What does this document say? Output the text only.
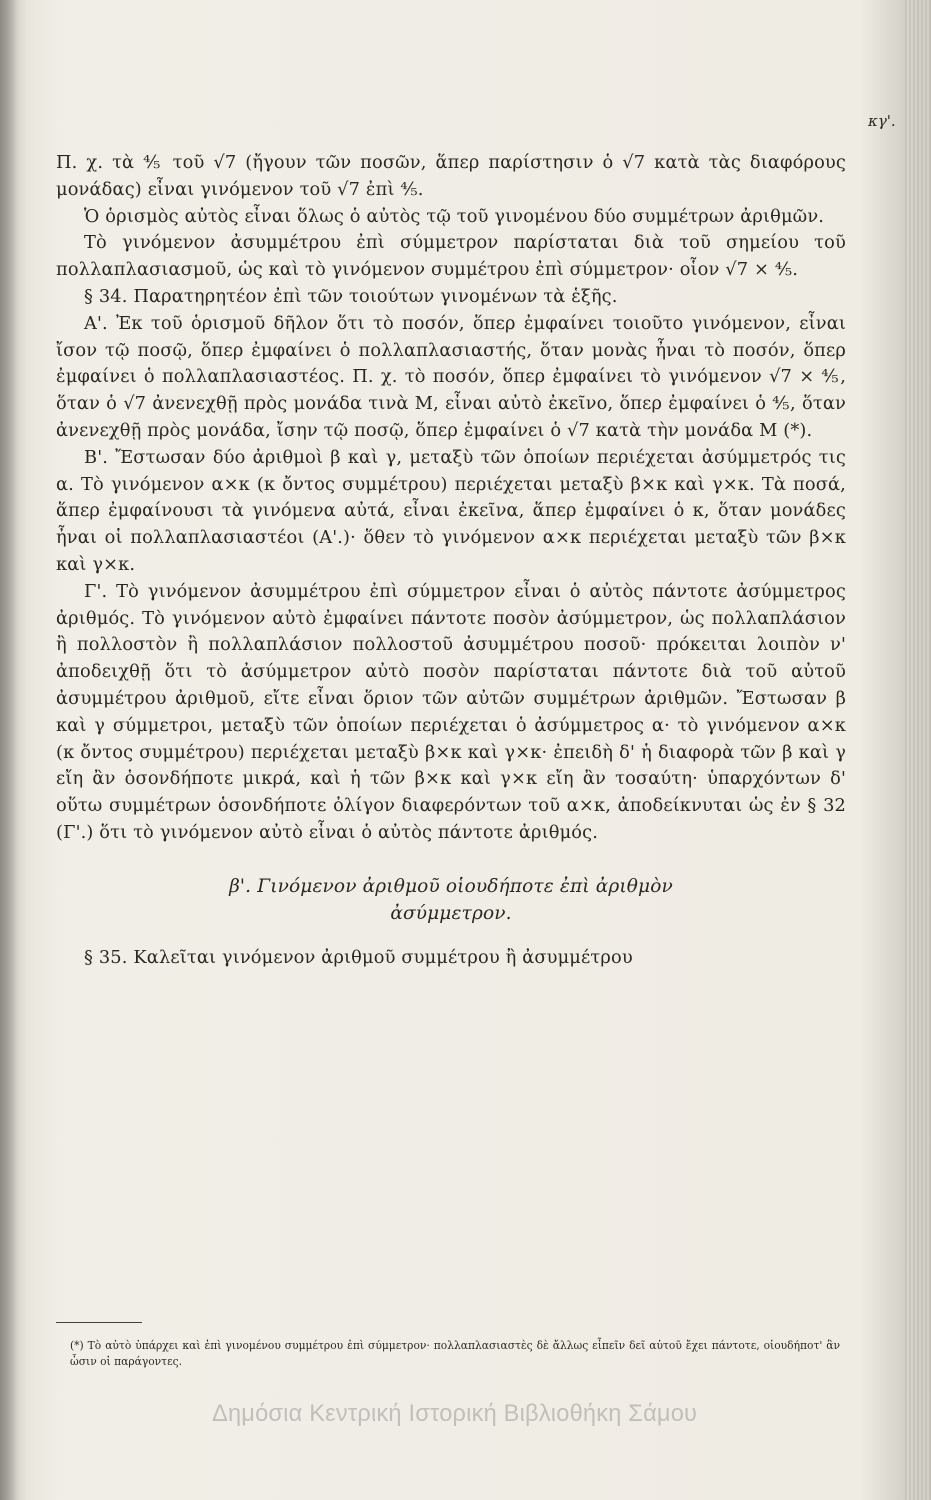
κγ'.

Π. χ. τὰ ⅘ τοῦ √7 (ἤγουν τῶν ποσῶν, ἅπερ παρίστησιν ὁ √7 κατὰ τὰς διαφόρους μονάδας) εἶναι γινόμενον τοῦ √7 ἐπὶ ⅘.

Ὁ ὁρισμὸς αὐτὸς εἶναι ὅλως ὁ αὐτὸς τῷ τοῦ γινομένου δύο συμμέτρων ἀριθμῶν.

Τὸ γινόμενον ἀσυμμέτρου ἐπὶ σύμμετρον παρίσταται διὰ τοῦ σημείου τοῦ πολλαπλασιασμοῦ, ὡς καὶ τὸ γινόμενον συμμέτρου ἐπὶ σύμμετρον· οἷον √7 × ⅘.

§ 34. Παρατηρητέον ἐπὶ τῶν τοιούτων γινομένων τὰ ἑξῆς.

Α'. Ἐκ τοῦ ὁρισμοῦ δῆλον ὅτι τὸ ποσόν, ὅπερ ἐμφαίνει τοιοῦτο γινόμενον, εἶναι ἴσον τῷ ποσῷ, ὅπερ ἐμφαίνει ὁ πολλαπλασιαστής, ὅταν μονὰς ἦναι τὸ ποσόν, ὅπερ ἐμφαίνει ὁ πολλαπλασιαστέος. Π. χ. τὸ ποσόν, ὅπερ ἐμφαίνει τὸ γινόμενον √7 × ⅘, ὅταν ὁ √7 ἀνενεχθῇ πρὸς μονάδα τινὰ Μ, εἶναι αὐτὸ ἐκεῖνο, ὅπερ ἐμφαίνει ὁ ⅘, ὅταν ἀνενεχθῇ πρὸς μονάδα, ἴσην τῷ ποσῷ, ὅπερ ἐμφαίνει ὁ √7 κατὰ τὴν μονάδα Μ (*).

Β'. Ἔστωσαν δύο ἀριθμοὶ β καὶ γ, μεταξὺ τῶν ὁποίων περιέχεται ἀσύμμετρός τις α. Τὸ γινόμενον α×κ (κ ὄντος συμμέτρου) περιέχεται μεταξὺ β×κ καὶ γ×κ. Τὰ ποσά, ἅπερ ἐμφαίνουσι τὰ γινόμενα αὐτά, εἶναι ἐκεῖνα, ἅπερ ἐμφαίνει ὁ κ, ὅταν μονάδες ἦναι οἱ πολλαπλασιαστέοι (Α'.)· ὅθεν τὸ γινόμενον α×κ περιέχεται μεταξὺ τῶν β×κ καὶ γ×κ.

Γ'. Τὸ γινόμενον ἀσυμμέτρου ἐπὶ σύμμετρον εἶναι ὁ αὐτὸς πάντοτε ἀσύμμετρος ἀριθμός. Τὸ γινόμενον αὐτὸ ἐμφαίνει πάντοτε ποσὸν ἀσύμμετρον, ὡς πολλαπλάσιον ἢ πολλοστὸν ἢ πολλαπλάσιον πολλοστοῦ ἀσυμμέτρου ποσοῦ· πρόκειται λοιπὸν ν' ἀποδειχθῇ ὅτι τὸ ἀσύμμετρον αὐτὸ ποσὸν παρίσταται πάντοτε διὰ τοῦ αὐτοῦ ἀσυμμέτρου ἀριθμοῦ, εἴτε εἶναι ὅριον τῶν αὐτῶν συμμέτρων ἀριθμῶν. Ἔστωσαν β καὶ γ σύμμετροι, μεταξὺ τῶν ὁποίων περιέχεται ὁ ἀσύμμετρος α· τὸ γινόμενον α×κ (κ ὄντος συμμέτρου) περιέχεται μεταξὺ β×κ καὶ γ×κ· ἐπειδὴ δ' ἡ διαφορὰ τῶν β καὶ γ εἴη ἂν ὁσονδήποτε μικρά, καὶ ἡ τῶν β×κ καὶ γ×κ εἴη ἂν τοσαύτη· ὑπαρχόντων δ' οὕτω συμμέτρων ὁσονδήποτε ὀλίγον διαφερόντων τοῦ α×κ, ἀποδείκνυται ὡς ἐν § 32 (Γ'.) ὅτι τὸ γινόμενον αὐτὸ εἶναι ὁ αὐτὸς πάντοτε ἀριθμός.

β'. Γινόμενον ἀριθμοῦ οἱουδήποτε ἐπὶ ἀριθμὸν
ἀσύμμετρον.

§ 35. Καλεῖται γινόμενον ἀριθμοῦ συμμέτρου ἢ ἀσυμμέτρου

(*) Τὸ αὐτὸ ὑπάρχει καὶ ἐπὶ γινομένου συμμέτρου ἐπὶ σύμμετρον· πολλαπλασιαστὲς δὲ ἄλλως εἶπεῖν δεῖ αὐτοῦ ἔχει πάντοτε, οἱουδήποτ' ἂν ὦσιν οἱ παράγοντες.
Δημόσια Κεντρική Ιστορική Βιβλιοθήκη Σάμου
